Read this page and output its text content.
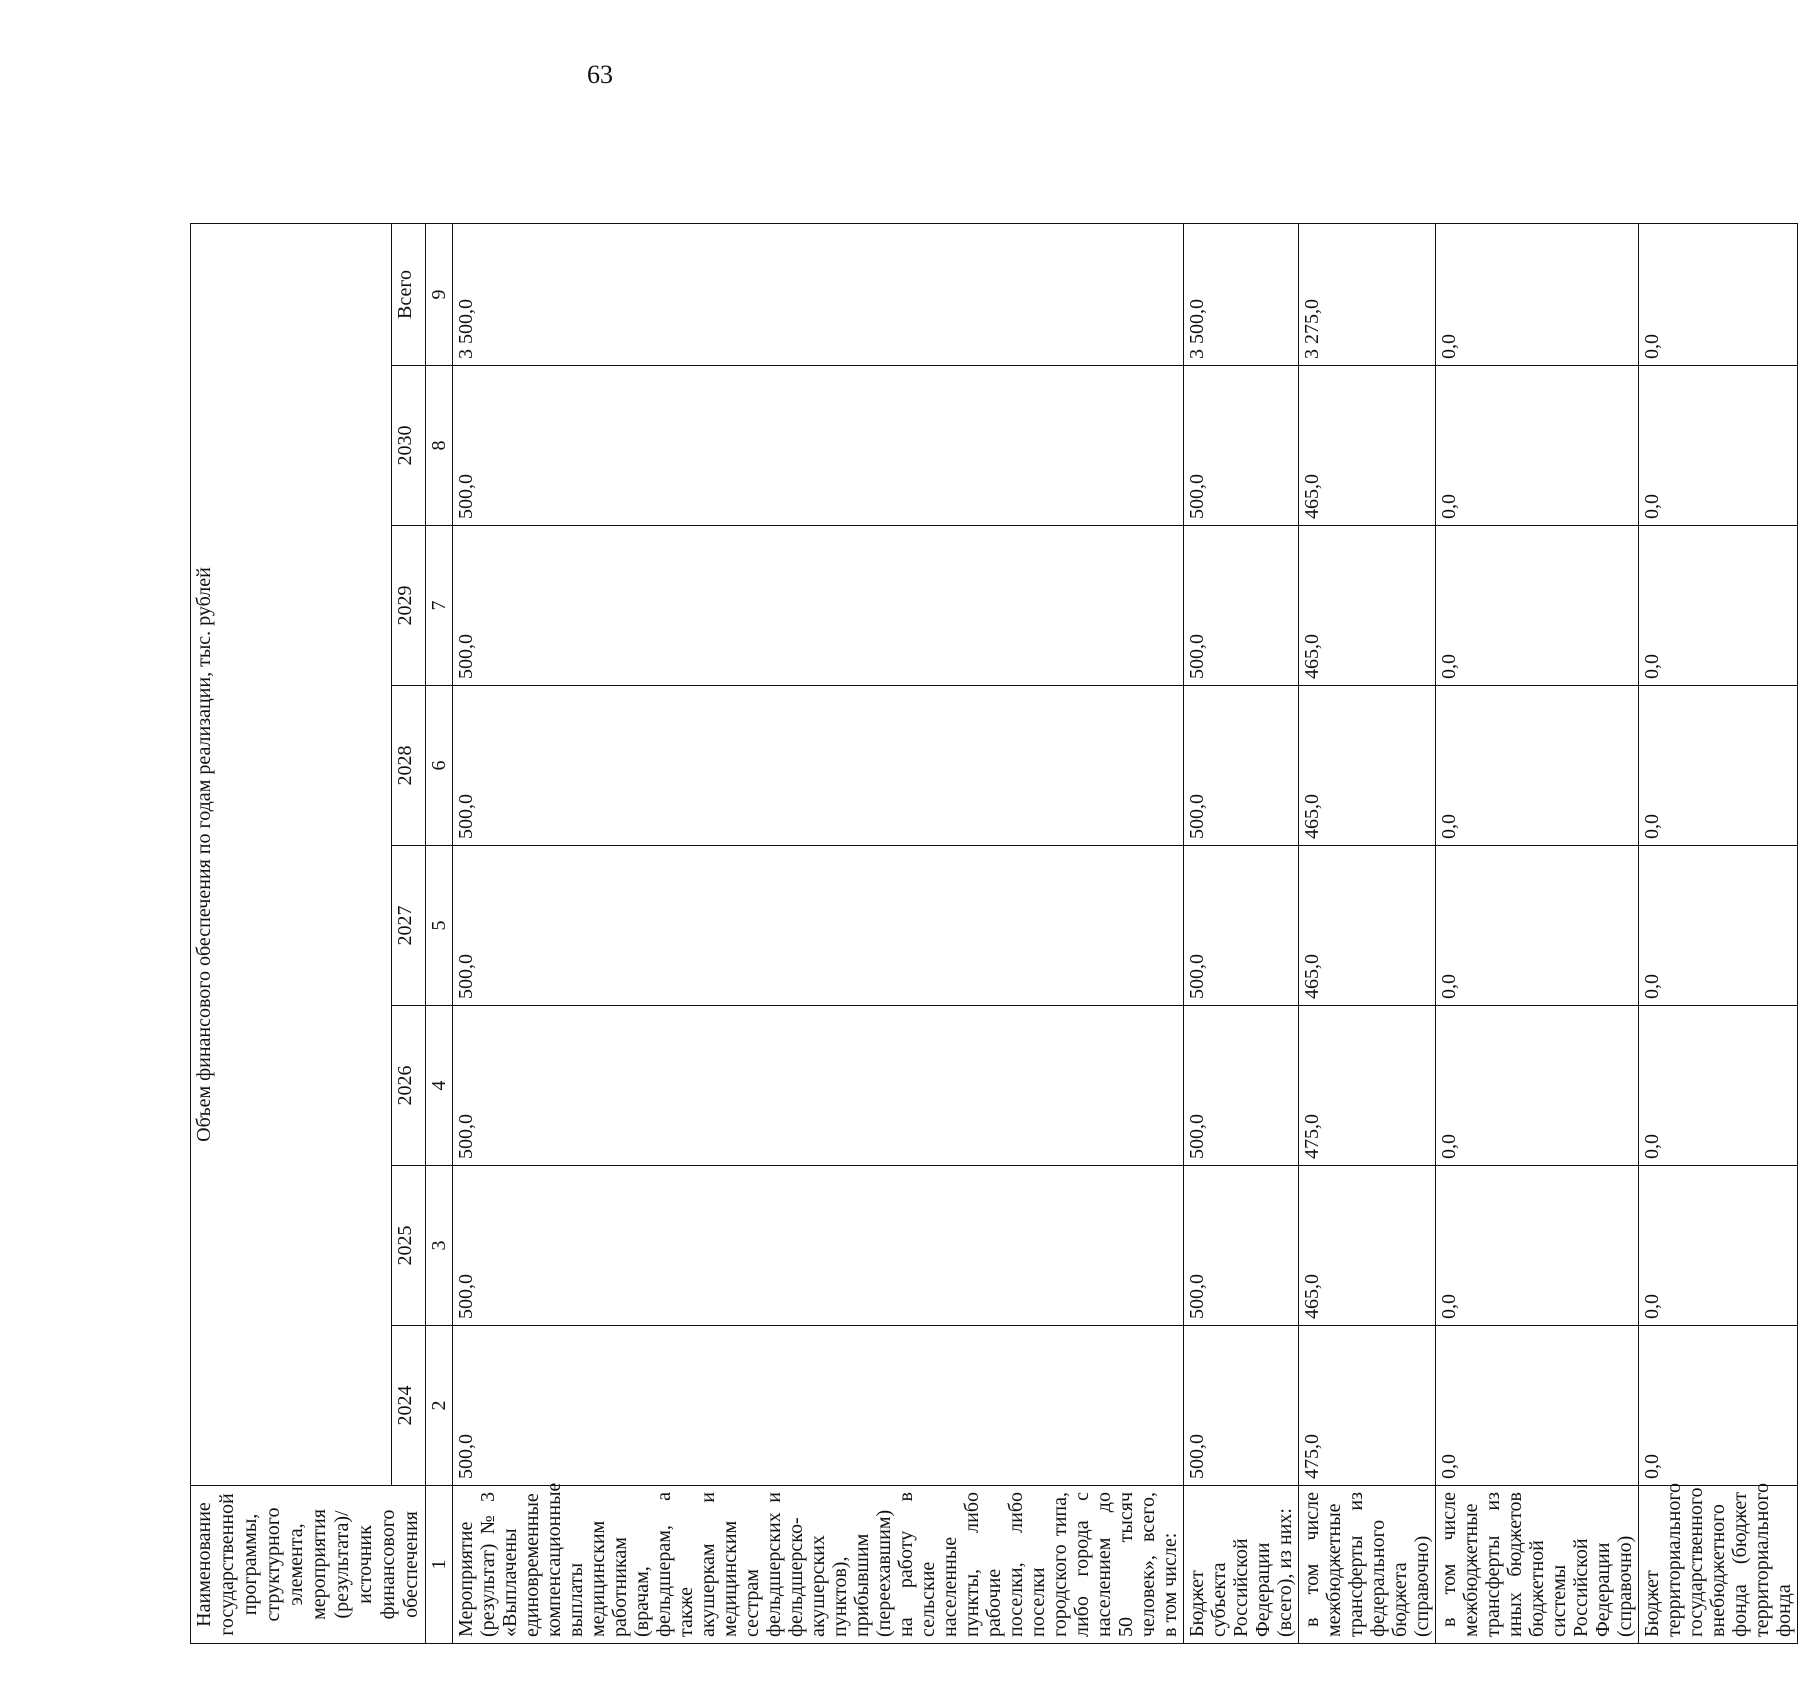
63
Наименование государственной программы, структурного элемента, мероприятия (результата)/источник финансового обеспечения	Объем финансового обеспечения по годам реализации, тыс. рублей							
	2024	2025	2026	2027	2028	2029	2030	Всего
1	2	3	4	5	6	7	8	9
Мероприятие (результат) № 3 «Выплачены единовременные компенсационные выплаты медицинским работникам (врачам, фельдшерам, а также акушеркам и медицинским сестрам фельдшерских и фельдшерско-акушерских пунктов), прибывшим (переехавшим) на работу в сельские населенные пункты, либо рабочие поселки, либо поселки городского типа, либо города с населением до 50 тысяч человек», всего, в том числе:	500,0	500,0	500,0	500,0	500,0	500,0	500,0	3 500,0
Бюджет субъекта Российской Федерации (всего), из них:	500,0	500,0	500,0	500,0	500,0	500,0	500,0	3 500,0
в том числе межбюджетные трансферты из федерального бюджета (справочно)	475,0	465,0	475,0	465,0	465,0	465,0	465,0	3 275,0
в том числе межбюджетные трансферты из иных бюджетов бюджетной системы Российской Федерации (справочно)	0,0	0,0	0,0	0,0	0,0	0,0	0,0	0,0
Бюджет территориального государственного внебюджетного фонда (бюджет территориального фонда	0,0	0,0	0,0	0,0	0,0	0,0	0,0	0,0
